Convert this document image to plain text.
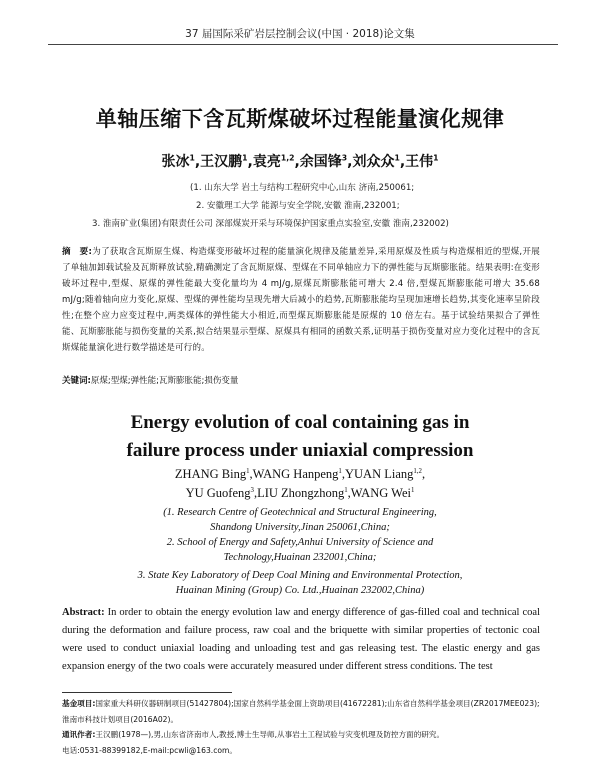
37 届国际采矿岩层控制会议(中国 · 2018)论文集
单轴压缩下含瓦斯煤破坏过程能量演化规律
张冰$^1$,王汉鹏$^1$,袁亮$^{1,2}$,余国锋$^3$,刘众众$^1$,王伟$^1$
(1. 山东大学 岩土与结构工程研究中心,山东 济南,250061;
2. 安徽理工大学 能源与安全学院,安徽 淮南,232001;
3. 淮南矿业(集团)有限责任公司 深部煤炭开采与环境保护国家重点实验室,安徽 淮南,232002)
摘　要:为了获取含瓦斯原生煤、构造煤变形破坏过程的能量演化规律及能量差异,采用原煤及性质与构造煤相近的型煤,开展了单轴加卸载试验及瓦斯释放试验,精确测定了含瓦斯原煤、型煤在不同单轴应力下的弹性能与瓦斯膨胀能。结果表明:在变形破坏过程中,型煤、原煤的弹性能最大变化量均为 4 mJ/g,原煤瓦斯膨胀能可增大 2.4 倍,型煤瓦斯膨胀能可增大 35.68 mJ/g;随着轴向应力变化,原煤、型煤的弹性能均呈现先增大后减小的趋势,瓦斯膨胀能均呈现加速增长趋势,其变化速率呈阶段性;在整个应力应变过程中,两类煤体的弹性能大小相近,而型煤瓦斯膨胀能是原煤的 10 倍左右。基于试验结果拟合了弹性能、瓦斯膨胀能与损伤变量的关系,拟合结果显示型煤、原煤具有相同的函数关系,证明基于损伤变量对应力变化过程中的含瓦斯煤能量演化进行数学描述是可行的。
关键词:原煤;型煤;弹性能;瓦斯膨胀能;损伤变量
Energy evolution of coal containing gas in
failure process under uniaxial compression
ZHANG Bing$^1$,WANG Hanpeng$^1$,YUAN Liang$^{1,2}$,
YU Guofeng$^3$,LIU Zhongzhong$^1$,WANG Wei$^1$
(1. Research Centre of Geotechnical and Structural Engineering,
Shandong University,Jinan 250061,China;
2. School of Energy and Safety,Anhui University of Science and
Technology,Huainan 232001,China;
3. State Key Laboratory of Deep Coal Mining and Environmental Protection,
Huainan Mining (Group) Co. Ltd.,Huainan 232002,China)
Abstract: In order to obtain the energy evolution law and energy difference of gas-filled coal and technical coal during the deformation and failure process, raw coal and the briquette with similar properties of tectonic coal were used to conduct uniaxial loading and unloading test and gas releasing test. The elastic energy and gas expansion energy of the two coals were accurately measured under different stress conditions. The test
基金项目:国家重大科研仪器研制项目(51427804);国家自然科学基金面上资助项目(41672281);山东省自然科学基金项目(ZR2017MEE023);淮南市科技计划项目(2016A02)。
通讯作者:王汉鹏(1978—),男,山东省济南市人,教授,博士生导师,从事岩土工程试验与灾变机理及防控方面的研究。
电话:0531-88399182,E-mail:pcwli@163.com。
